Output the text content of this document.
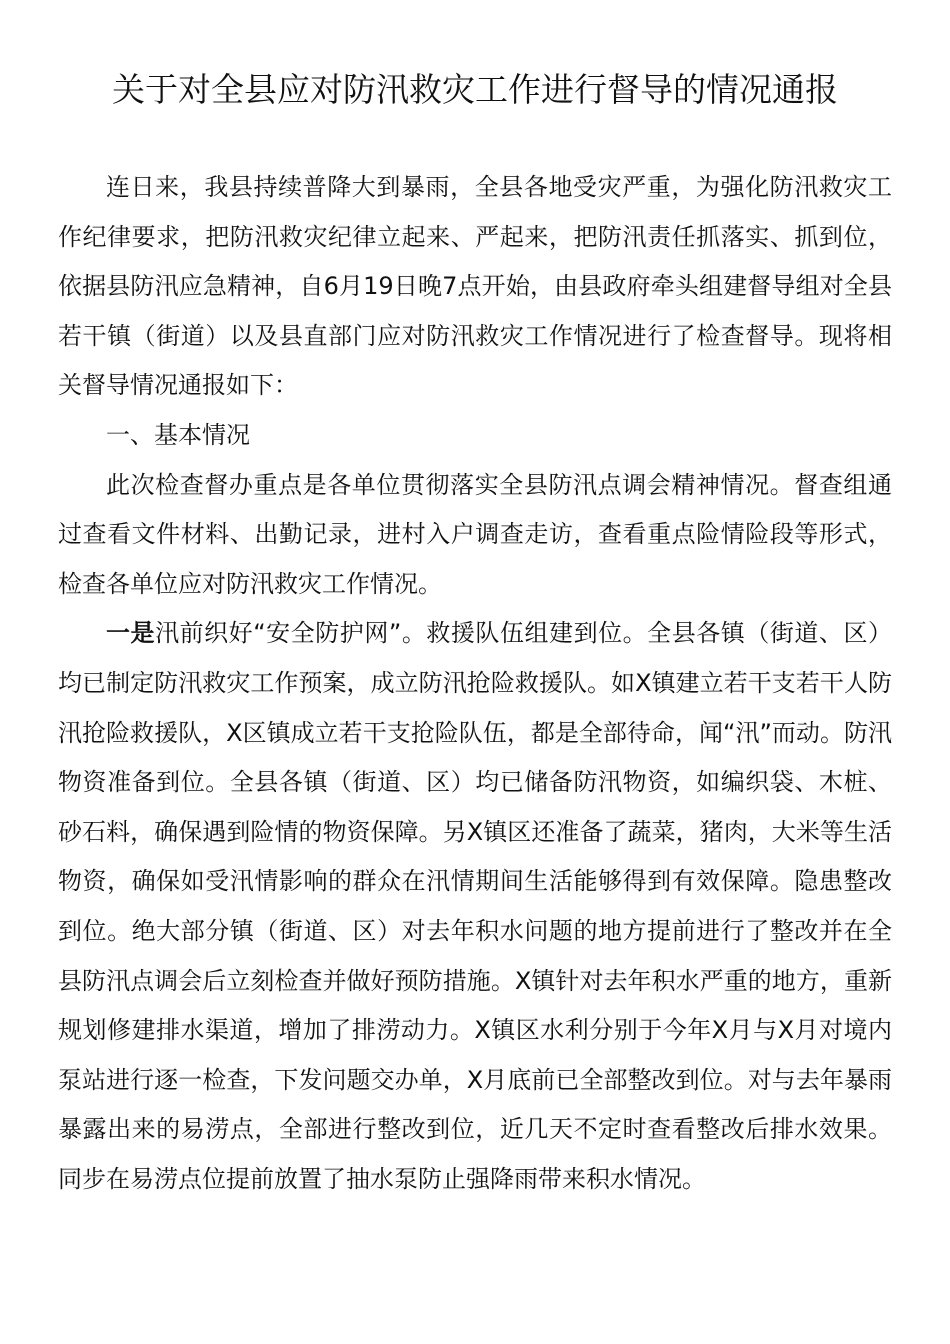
关于对全县应对防汛救灾工作进行督导的情况通报

连日来，我县持续普降大到暴雨，全县各地受灾严重，为强化防汛救灾工作纪律要求，把防汛救灾纪律立起来、严起来，把防汛责任抓落实、抓到位，依据县防汛应急精神，自6月19日晚7点开始，由县政府牵头组建督导组对全县若干镇（街道）以及县直部门应对防汛救灾工作情况进行了检查督导。现将相关督导情况通报如下：

一、基本情况

此次检查督办重点是各单位贯彻落实全县防汛点调会精神情况。督查组通过查看文件材料、出勤记录，进村入户调查走访，查看重点险情险段等形式，检查各单位应对防汛救灾工作情况。

一是汛前织好“安全防护网”。救援队伍组建到位。全县各镇（街道、区）均已制定防汛救灾工作预案，成立防汛抢险救援队。如X镇建立若干支若干人防汛抢险救援队，X区镇成立若干支抢险队伍，都是全部待命，闻“汛”而动。防汛物资准备到位。全县各镇（街道、区）均已储备防汛物资，如编织袋、木桩、砂石料，确保遇到险情的物资保障。另X镇区还准备了蔬菜，猪肉，大米等生活物资，确保如受汛情影响的群众在汛情期间生活能够得到有效保障。隐患整改到位。绝大部分镇（街道、区）对去年积水问题的地方提前进行了整改并在全县防汛点调会后立刻检查并做好预防措施。X镇针对去年积水严重的地方，重新规划修建排水渠道，增加了排涝动力。X镇区水利分别于今年X月与X月对境内泵站进行逐一检查，下发问题交办单，X月底前已全部整改到位。对与去年暴雨暴露出来的易涝点，全部进行整改到位，近几天不定时查看整改后排水效果。同步在易涝点位提前放置了抽水泵防止强降雨带来积水情况。
